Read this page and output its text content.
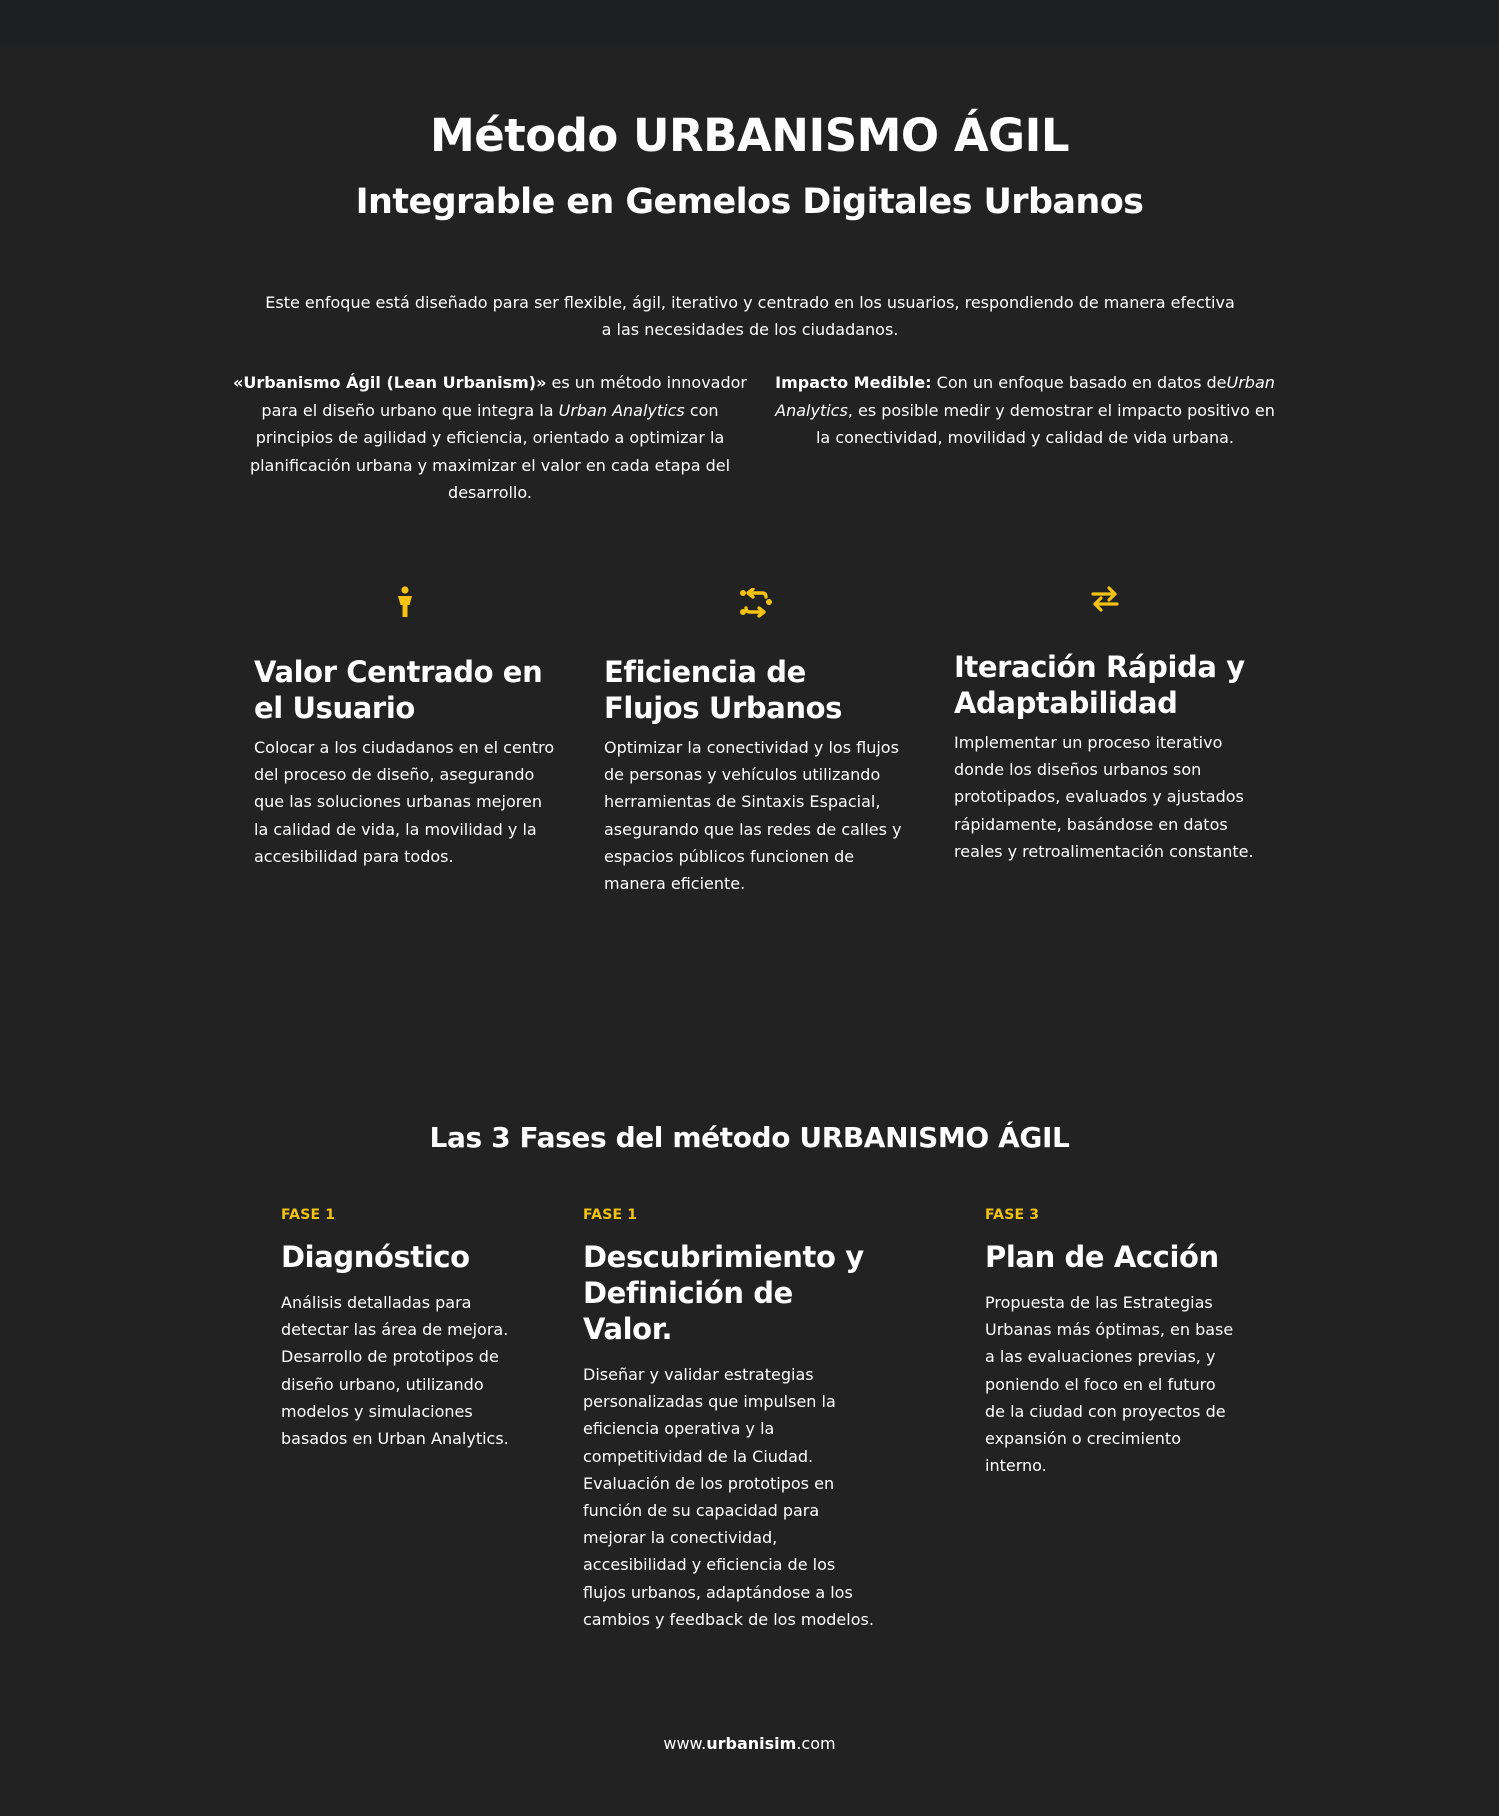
Método URBANISMO ÁGIL
Integrable en Gemelos Digitales Urbanos

Este enfoque está diseñado para ser flexible, ágil, iterativo y centrado en los usuarios, respondiendo de manera efectiva a las necesidades de los ciudadanos.

«Urbanismo Ágil (Lean Urbanism)» es un método innovador para el diseño urbano que integra la Urban Analytics con principios de agilidad y eficiencia, orientado a optimizar la planificación urbana y maximizar el valor en cada etapa del desarrollo.
Impacto Medible: Con un enfoque basado en datos deUrban Analytics, es posible medir y demostrar el impacto positivo en la conectividad, movilidad y calidad de vida urbana.
Valor Centrado en el Usuario

Colocar a los ciudadanos en el centro del proceso de diseño, asegurando que las soluciones urbanas mejoren la calidad de vida, la movilidad y la accesibilidad para todos.

Eficiencia de Flujos Urbanos

Optimizar la conectividad y los flujos de personas y vehículos utilizando herramientas de Sintaxis Espacial, asegurando que las redes de calles y espacios públicos funcionen de manera eficiente.

Iteración Rápida y Adaptabilidad

Implementar un proceso iterativo donde los diseños urbanos son prototipados, evaluados y ajustados rápidamente, basándose en datos reales y retroalimentación constante.

Las 3 Fases del método URBANISMO ÁGIL
FASE 1
Diagnóstico

Análisis detalladas para detectar las área de mejora. Desarrollo de prototipos de diseño urbano, utilizando modelos y simulaciones basados en Urban Analytics.

FASE 1
Descubrimiento y Definición de Valor.

Diseñar y validar estrategias personalizadas que impulsen la eficiencia operativa y la competitividad de la Ciudad. Evaluación de los prototipos en función de su capacidad para mejorar la conectividad, accesibilidad y eficiencia de los flujos urbanos, adaptándose a los cambios y feedback de los modelos.

FASE 3
Plan de Acción

Propuesta de las Estrategias Urbanas más óptimas, en base a las evaluaciones previas, y poniendo el foco en el futuro de la ciudad con proyectos de expansión o crecimiento interno.

www.urbanisim.com
